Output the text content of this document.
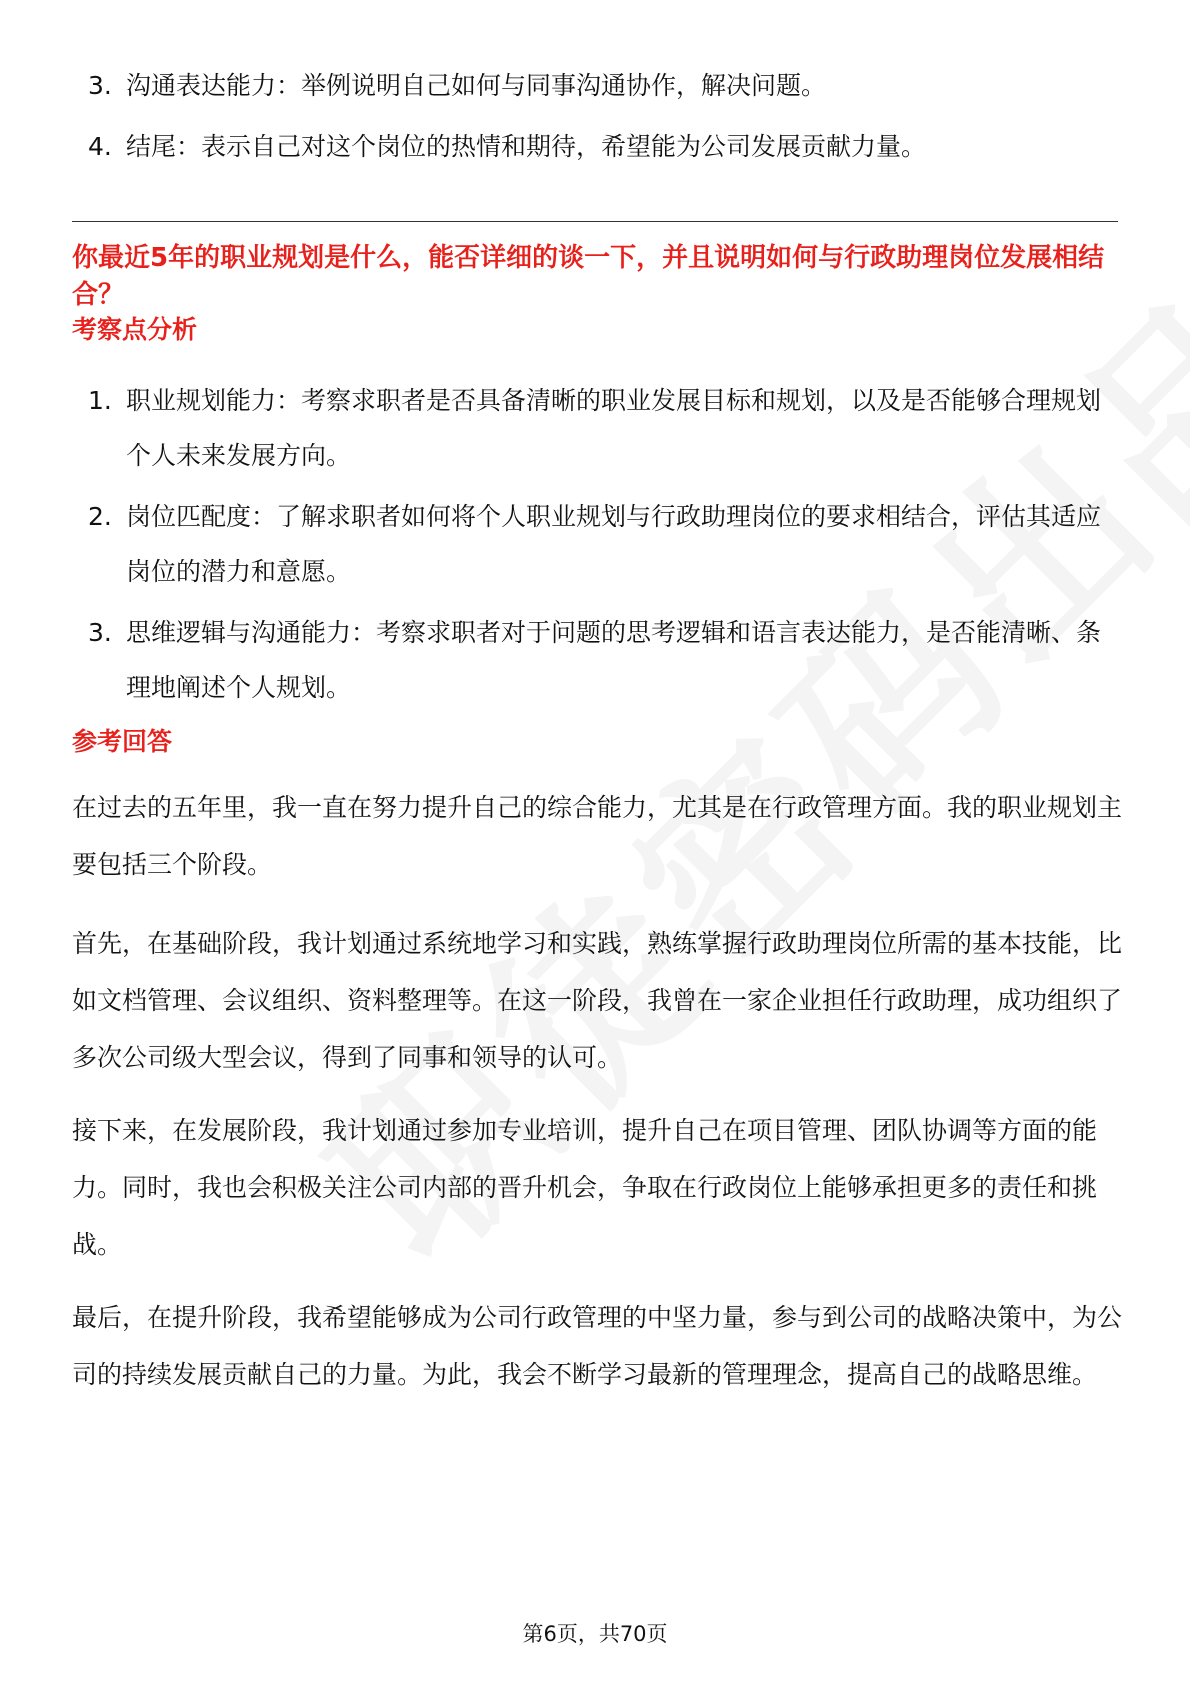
3. 沟通表达能力：举例说明自己如何与同事沟通协作，解决问题。
4. 结尾：表示自己对这个岗位的热情和期待，希望能为公司发展贡献力量。
你最近5年的职业规划是什么，能否详细的谈一下，并且说明如何与行政助理岗位发展相结合？
考察点分析
1. 职业规划能力：考察求职者是否具备清晰的职业发展目标和规划，以及是否能够合理规划个人未来发展方向。
2. 岗位匹配度：了解求职者如何将个人职业规划与行政助理岗位的要求相结合，评估其适应岗位的潜力和意愿。
3. 思维逻辑与沟通能力：考察求职者对于问题的思考逻辑和语言表达能力，是否能清晰、条理地阐述个人规划。
参考回答

在过去的五年里，我一直在努力提升自己的综合能力，尤其是在行政管理方面。我的职业规划主要包括三个阶段。

首先，在基础阶段，我计划通过系统地学习和实践，熟练掌握行政助理岗位所需的基本技能，比如文档管理、会议组织、资料整理等。在这一阶段，我曾在一家企业担任行政助理，成功组织了多次公司级大型会议，得到了同事和领导的认可。

接下来，在发展阶段，我计划通过参加专业培训，提升自己在项目管理、团队协调等方面的能力。同时，我也会积极关注公司内部的晋升机会，争取在行政岗位上能够承担更多的责任和挑战。

最后，在提升阶段，我希望能够成为公司行政管理的中坚力量，参与到公司的战略决策中，为公司的持续发展贡献自己的力量。为此，我会不断学习最新的管理理念，提高自己的战略思维。

第6页，共70页
